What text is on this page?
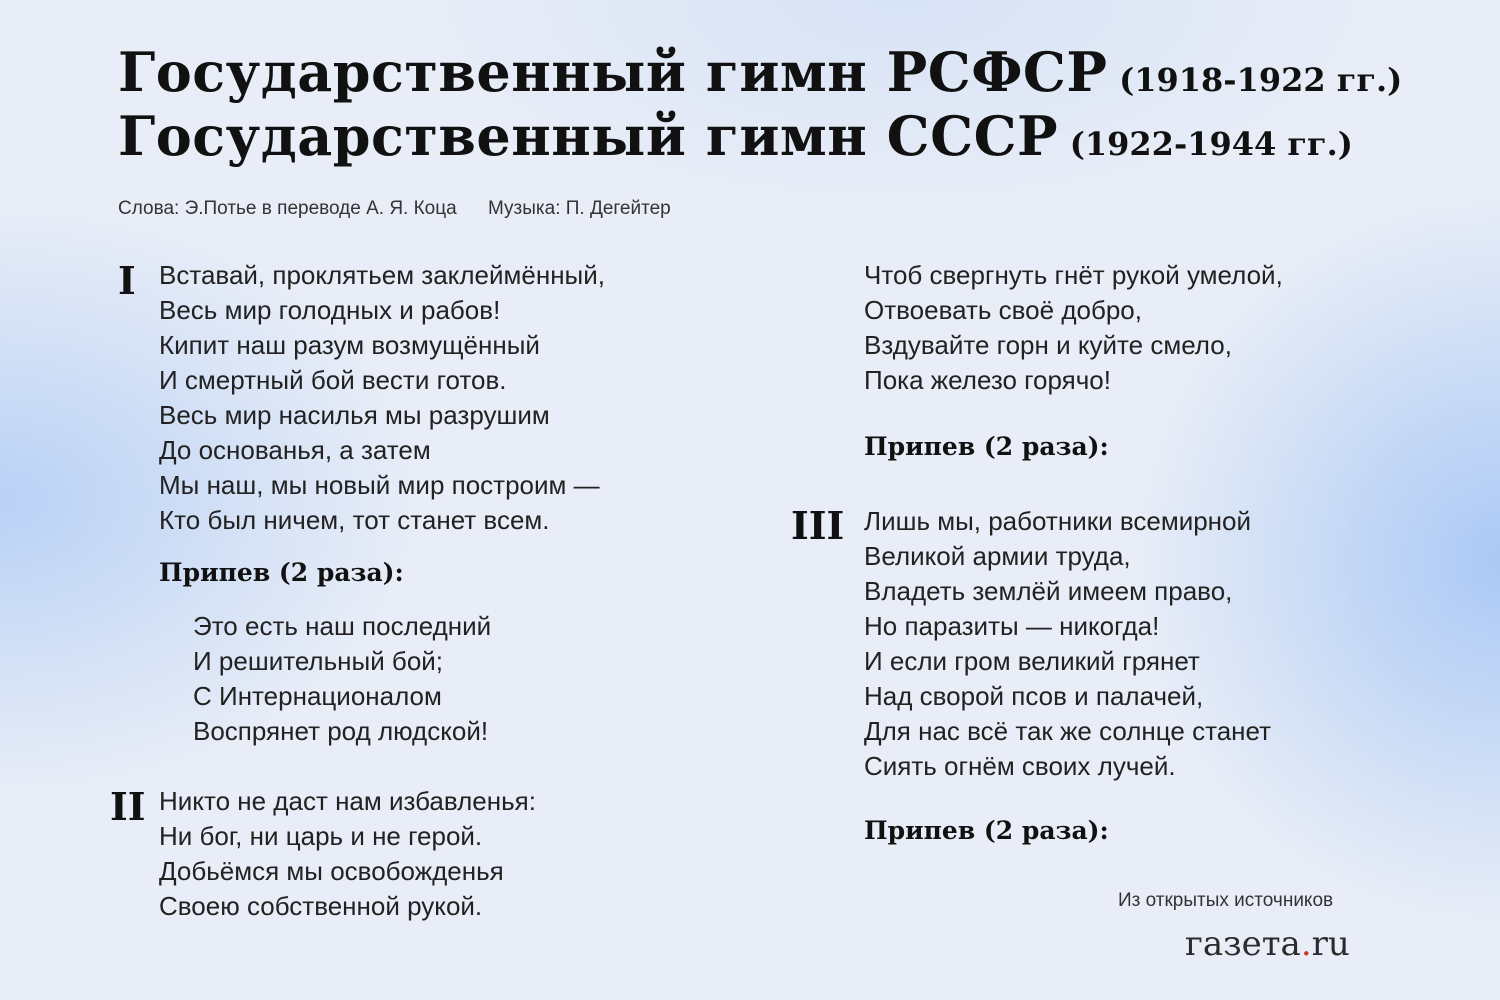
Государственный гимн РСФСР (1918-1922 гг.)
Государственный гимн СССР (1922-1944 гг.)
Слова: Э.Потье в переводе А. Я. Коца Музыка: П. Дегейтер
I Вставай, проклятьем заклеймённый,
Весь мир голодных и рабов!
Кипит наш разум возмущённый
И смертный бой вести готов.
Весь мир насилья мы разрушим
До основанья, а затем
Мы наш, мы новый мир построим —
Кто был ничем, тот станет всем.
Припев (2 раза):
Это есть наш последний
И решительный бой;
С Интернационалом
Воспрянет род людской!
II Никто не даст нам избавленья:
Ни бог, ни царь и не герой.
Добьёмся мы освобожденья
Своею собственной рукой.
Чтоб свергнуть гнёт рукой умелой,
Отвоевать своё добро,
Вздувайте горн и куйте смело,
Пока железо горячо!
Припев (2 раза):
III Лишь мы, работники всемирной
Великой армии труда,
Владеть землёй имеем право,
Но паразиты — никогда!
И если гром великий грянет
Над сворой псов и палачей,
Для нас всё так же солнце станет
Сиять огнём своих лучей.
Припев (2 раза):
Из открытых источников
газета.ru
